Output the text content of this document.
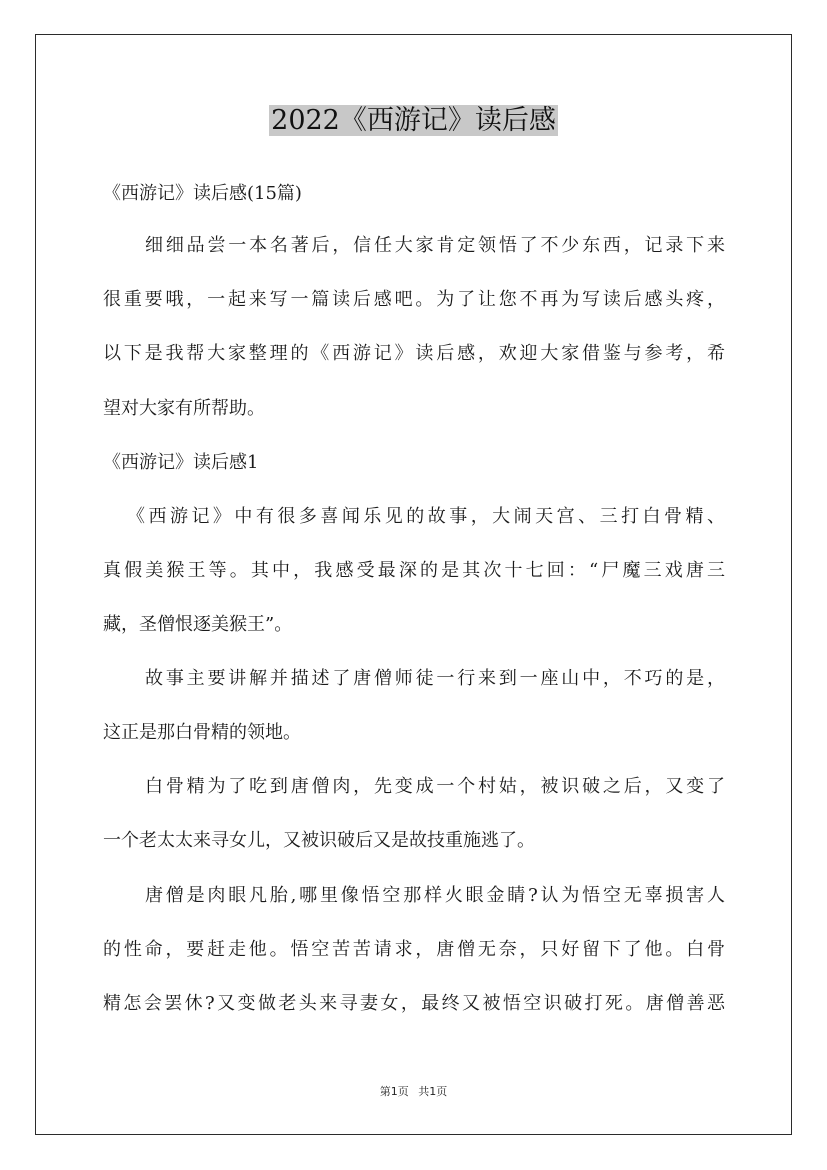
2022《西游记》读后感
《西游记》读后感(15篇)
细细品尝一本名著后，信任大家肯定领悟了不少东西，记录下来
很重要哦，一起来写一篇读后感吧。为了让您不再为写读后感头疼，
以下是我帮大家整理的《西游记》读后感，欢迎大家借鉴与参考，希
望对大家有所帮助。
《西游记》读后感1
《西游记》中有很多喜闻乐见的故事，大闹天宫、三打白骨精、
真假美猴王等。其中，我感受最深的是其次十七回：“尸魔三戏唐三
藏，圣僧恨逐美猴王”。
故事主要讲解并描述了唐僧师徒一行来到一座山中，不巧的是，
这正是那白骨精的领地。
白骨精为了吃到唐僧肉，先变成一个村姑，被识破之后，又变了
一个老太太来寻女儿，又被识破后又是故技重施逃了。
唐僧是肉眼凡胎,哪里像悟空那样火眼金睛?认为悟空无辜损害人
的性命，要赶走他。悟空苦苦请求，唐僧无奈，只好留下了他。白骨
精怎会罢休?又变做老头来寻妻女，最终又被悟空识破打死。唐僧善恶
第1页 共1页
